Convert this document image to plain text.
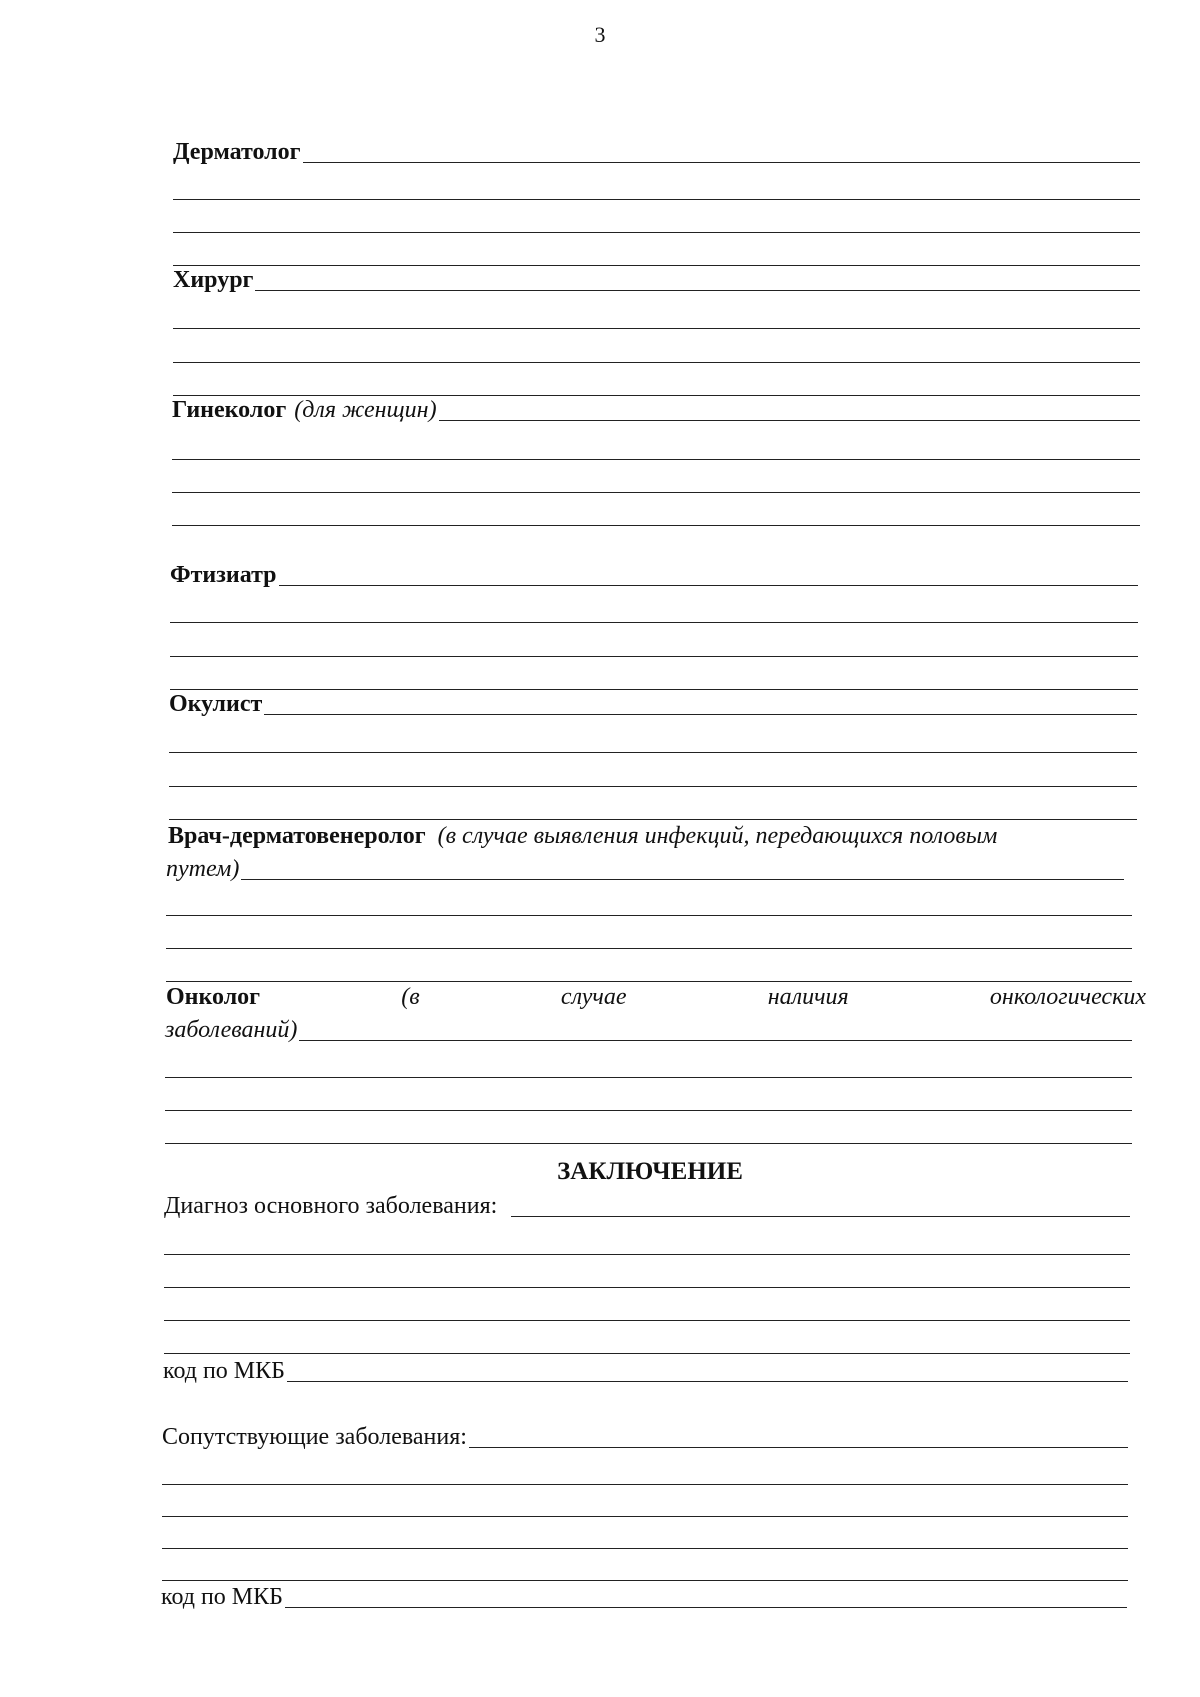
3
Дерматолог
Хирург
Гинеколог (для женщин)
Фтизиатр
Окулист
Врач-дерматовенеролог (в случае выявления инфекций, передающихся половым
путем)
Онколог	(в	случае	наличия	онкологических
заболеваний)
ЗАКЛЮЧЕНИЕ
Диагноз основного заболевания:
код по МКБ
Сопутствующие заболевания:
код по МКБ
